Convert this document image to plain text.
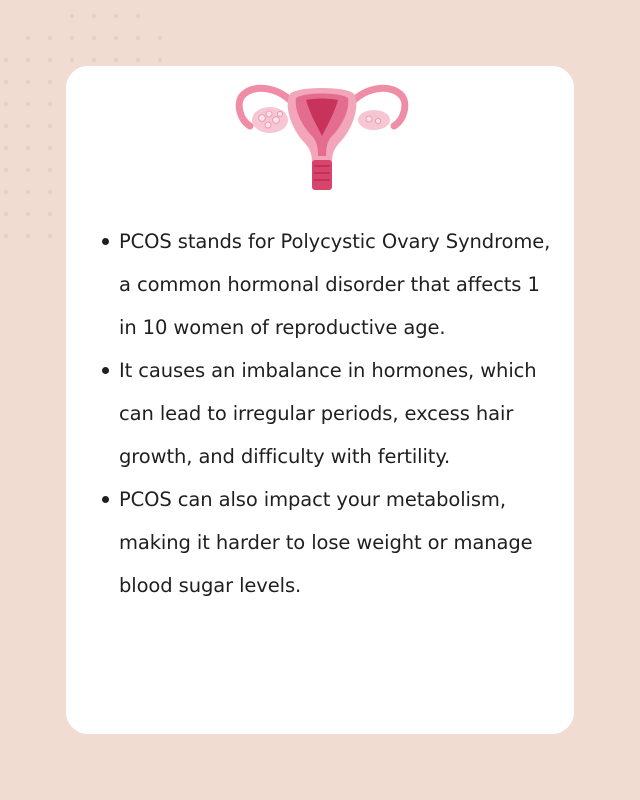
PCOS stands for Polycystic Ovary Syndrome, a common hormonal disorder that affects 1 in 10 women of reproductive age.
It causes an imbalance in hormones, which can lead to irregular periods, excess hair growth, and difficulty with fertility.
PCOS can also impact your metabolism, making it harder to lose weight or manage blood sugar levels.
